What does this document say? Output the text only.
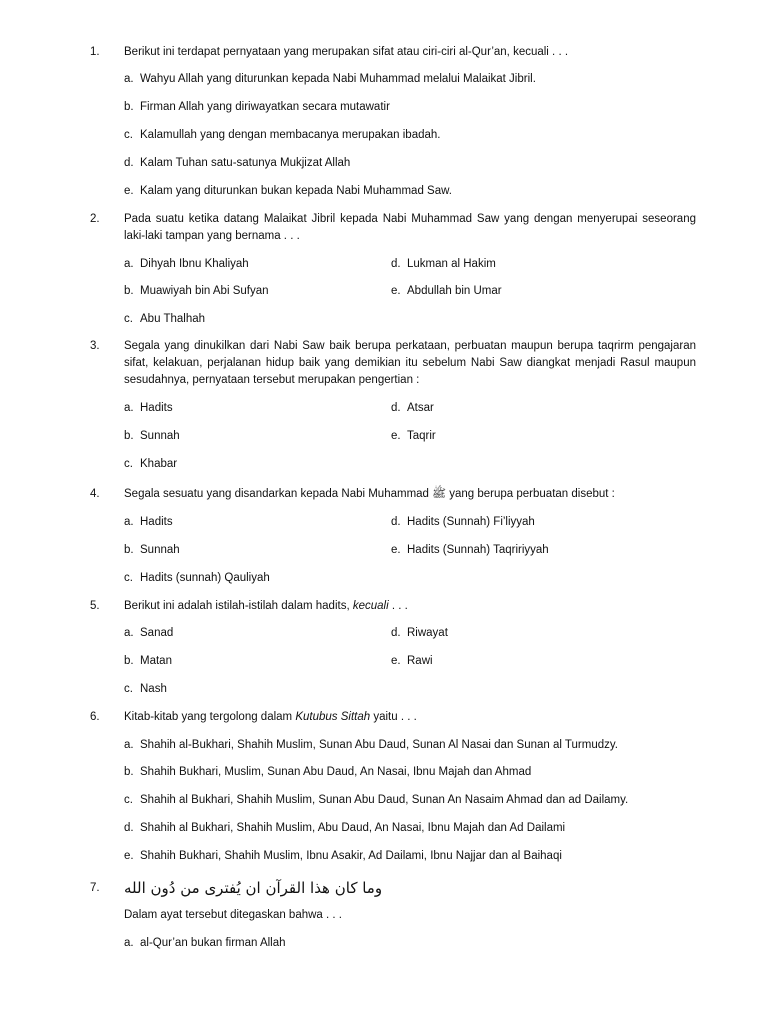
1. Berikut ini terdapat pernyataan yang merupakan sifat atau ciri-ciri al-Qur’an, kecuali . . .
a. Wahyu Allah yang diturunkan kepada Nabi Muhammad melalui Malaikat Jibril.
b. Firman Allah yang diriwayatkan secara mutawatir
c. Kalamullah yang dengan membacanya merupakan ibadah.
d. Kalam Tuhan satu-satunya Mukjizat Allah
e. Kalam yang diturunkan bukan kepada Nabi Muhammad Saw.
2. Pada suatu ketika datang Malaikat Jibril kepada Nabi Muhammad Saw yang dengan menyerupai seseorang laki-laki tampan yang bernama . . .
a. Dihyah Ibnu Khaliyah
b. Muawiyah bin Abi Sufyan
c. Abu Thalhah
d. Lukman al Hakim
e. Abdullah bin Umar
3. Segala yang dinukilkan dari Nabi Saw baik berupa perkataan, perbuatan maupun berupa taqrirm pengajaran sifat, kelakuan, perjalanan hidup baik yang demikian itu sebelum Nabi Saw diangkat menjadi Rasul maupun sesudahnya, pernyataan tersebut merupakan pengertian :
a. Hadits
b. Sunnah
c. Khabar
d. Atsar
e. Taqrir
4. Segala sesuatu yang disandarkan kepada Nabi Muhammad ﷺ yang berupa perbuatan disebut :
a. Hadits
b. Sunnah
c. Hadits (sunnah) Qauliyah
d. Hadits (Sunnah) Fi’liyyah
e. Hadits (Sunnah) Taqririyyah
5. Berikut ini adalah istilah-istilah dalam hadits, kecuali . . .
a. Sanad
b. Matan
c. Nash
d. Riwayat
e. Rawi
6. Kitab-kitab yang tergolong dalam Kutubus Sittah yaitu . . .
a. Shahih al-Bukhari, Shahih Muslim, Sunan Abu Daud, Sunan Al Nasai dan Sunan al Turmudzy.
b. Shahih Bukhari, Muslim, Sunan Abu Daud, An Nasai, Ibnu Majah dan Ahmad
c. Shahih al Bukhari, Shahih Muslim, Sunan Abu Daud, Sunan An Nasaim Ahmad dan ad Dailamy.
d. Shahih al Bukhari, Shahih Muslim, Abu Daud, An Nasai, Ibnu Majah dan Ad Dailami
e. Shahih Bukhari, Shahih Muslim, Ibnu Asakir, Ad Dailami, Ibnu Najjar dan al Baihaqi
7. وما كان هذا القرآن ان يُفترى من دُون الله
Dalam ayat tersebut ditegaskan bahwa . . .
a. al-Qur’an bukan firman Allah
